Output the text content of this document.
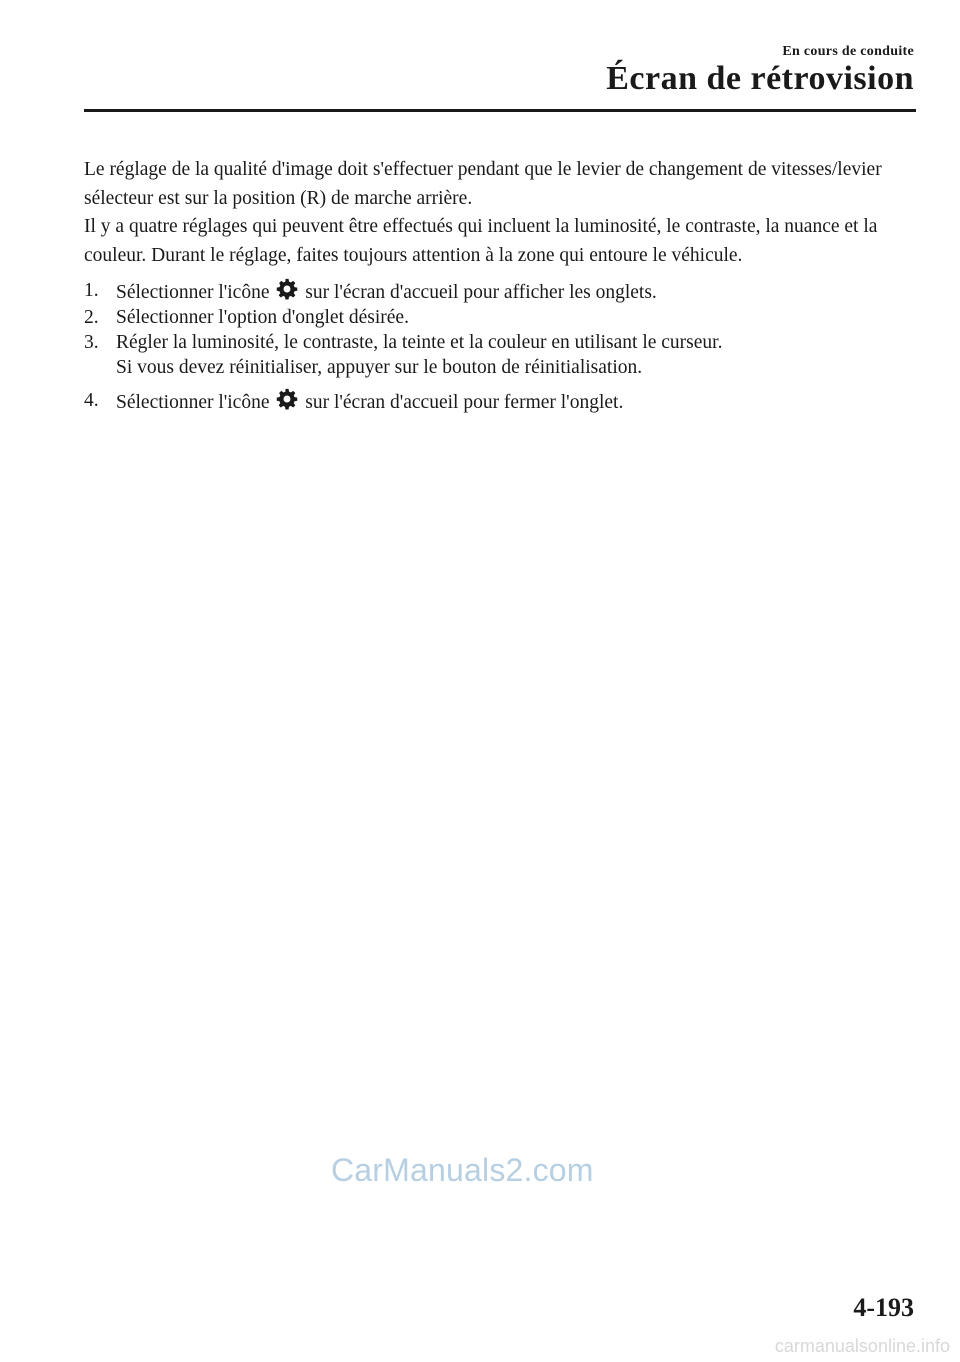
En cours de conduite
Écran de rétrovision

Le réglage de la qualité d'image doit s'effectuer pendant que le levier de changement de vitesses/levier sélecteur est sur la position (R) de marche arrière.

Il y a quatre réglages qui peuvent être effectués qui incluent la luminosité, le contraste, la nuance et la couleur. Durant le réglage, faites toujours attention à la zone qui entoure le véhicule.

1. Sélectionner l'icône sur l'écran d'accueil pour afficher les onglets.
2. Sélectionner l'option d'onglet désirée.
3. Régler la luminosité, le contraste, la teinte et la couleur en utilisant le curseur.
Si vous devez réinitialiser, appuyer sur le bouton de réinitialisation.
4. Sélectionner l'icône sur l'écran d'accueil pour fermer l'onglet.
CarManuals2.com
4-193
carmanualsonline.info
